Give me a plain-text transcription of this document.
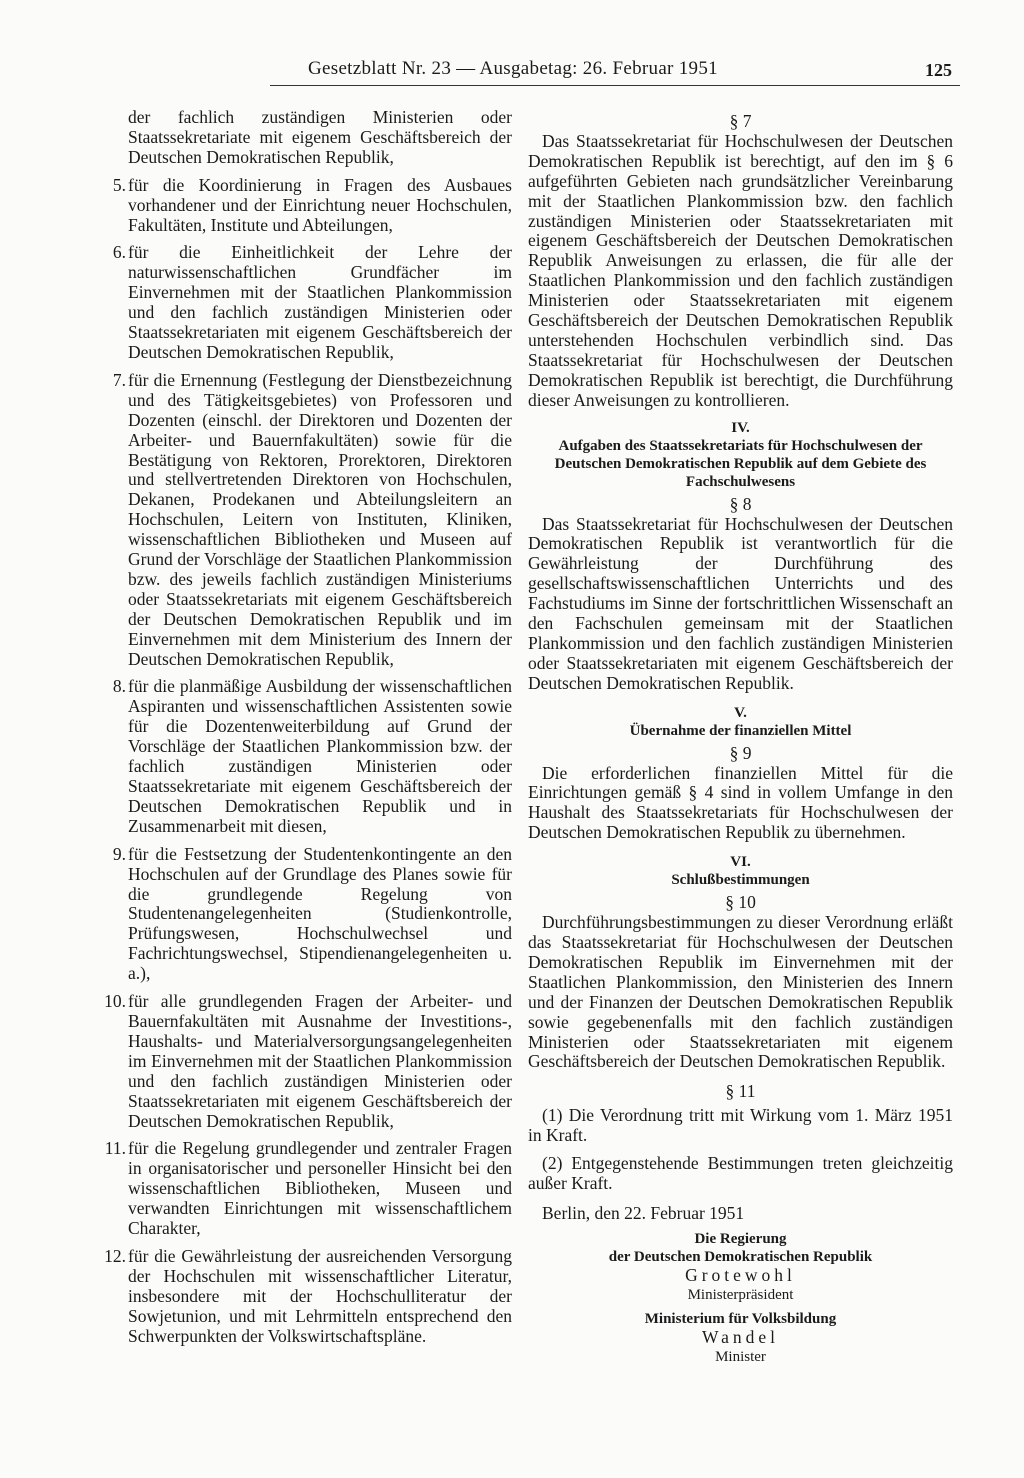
Gesetzblatt Nr. 23 — Ausgabetag: 26. Februar 1951	125
der fachlich zuständigen Ministerien oder Staatssekretariate mit eigenem Geschäftsbereich der Deutschen Demokratischen Republik,
5. für die Koordinierung in Fragen des Ausbaues vorhandener und der Einrichtung neuer Hochschulen, Fakultäten, Institute und Abteilungen,
6. für die Einheitlichkeit der Lehre der naturwissenschaftlichen Grundfächer im Einvernehmen mit der Staatlichen Plankommission und den fachlich zuständigen Ministerien oder Staatssekretariaten mit eigenem Geschäftsbereich der Deutschen Demokratischen Republik,
7. für die Ernennung (Festlegung der Dienstbezeichnung und des Tätigkeitsgebietes) von Professoren und Dozenten (einschl. der Direktoren und Dozenten der Arbeiter- und Bauernfakultäten) sowie für die Bestätigung von Rektoren, Prorektoren, Direktoren und stellvertretenden Direktoren von Hochschulen, Dekanen, Prodekanen und Abteilungsleitern an Hochschulen, Leitern von Instituten, Kliniken, wissenschaftlichen Bibliotheken und Museen auf Grund der Vorschläge der Staatlichen Plankommission bzw. des jeweils fachlich zuständigen Ministeriums oder Staatssekretariats mit eigenem Geschäftsbereich der Deutschen Demokratischen Republik und im Einvernehmen mit dem Ministerium des Innern der Deutschen Demokratischen Republik,
8. für die planmäßige Ausbildung der wissenschaftlichen Aspiranten und wissenschaftlichen Assistenten sowie für die Dozentenweiterbildung auf Grund der Vorschläge der Staatlichen Plankommission bzw. der fachlich zuständigen Ministerien oder Staatssekretariate mit eigenem Geschäftsbereich der Deutschen Demokratischen Republik und in Zusammenarbeit mit diesen,
9. für die Festsetzung der Studentenkontingente an den Hochschulen auf der Grundlage des Planes sowie für die grundlegende Regelung von Studentenangelegenheiten (Studienkontrolle, Prüfungswesen, Hochschulwechsel und Fachrichtungswechsel, Stipendienangelegenheiten u. a.),
10. für alle grundlegenden Fragen der Arbeiter- und Bauernfakultäten mit Ausnahme der Investitions-, Haushalts- und Materialversorgungsangelegenheiten im Einvernehmen mit der Staatlichen Plankommission und den fachlich zuständigen Ministerien oder Staatssekretariaten mit eigenem Geschäftsbereich der Deutschen Demokratischen Republik,
11. für die Regelung grundlegender und zentraler Fragen in organisatorischer und personeller Hinsicht bei den wissenschaftlichen Bibliotheken, Museen und verwandten Einrichtungen mit wissenschaftlichem Charakter,
12. für die Gewährleistung der ausreichenden Versorgung der Hochschulen mit wissenschaftlicher Literatur, insbesondere mit der Hochschulliteratur der Sowjetunion, und mit Lehrmitteln entsprechend den Schwerpunkten der Volkswirtschaftspläne.
§ 7
Das Staatssekretariat für Hochschulwesen der Deutschen Demokratischen Republik ist berechtigt, auf den im § 6 aufgeführten Gebieten nach grundsätzlicher Vereinbarung mit der Staatlichen Plankommission bzw. den fachlich zuständigen Ministerien oder Staatssekretariaten mit eigenem Geschäftsbereich der Deutschen Demokratischen Republik Anweisungen zu erlassen, die für alle der Staatlichen Plankommission und den fachlich zuständigen Ministerien oder Staatssekretariaten mit eigenem Geschäftsbereich der Deutschen Demokratischen Republik unterstehenden Hochschulen verbindlich sind. Das Staatssekretariat für Hochschulwesen der Deutschen Demokratischen Republik ist berechtigt, die Durchführung dieser Anweisungen zu kontrollieren.
IV.
Aufgaben des Staatssekretariats für Hochschulwesen der Deutschen Demokratischen Republik auf dem Gebiete des Fachschulwesens
§ 8
Das Staatssekretariat für Hochschulwesen der Deutschen Demokratischen Republik ist verantwortlich für die Gewährleistung der Durchführung des gesellschaftswissenschaftlichen Unterrichts und des Fachstudiums im Sinne der fortschrittlichen Wissenschaft an den Fachschulen gemeinsam mit der Staatlichen Plankommission und den fachlich zuständigen Ministerien oder Staatssekretariaten mit eigenem Geschäftsbereich der Deutschen Demokratischen Republik.
V.
Übernahme der finanziellen Mittel
§ 9
Die erforderlichen finanziellen Mittel für die Einrichtungen gemäß § 4 sind in vollem Umfange in den Haushalt des Staatssekretariats für Hochschulwesen der Deutschen Demokratischen Republik zu übernehmen.
VI.
Schlußbestimmungen
§ 10
Durchführungsbestimmungen zu dieser Verordnung erläßt das Staatssekretariat für Hochschulwesen der Deutschen Demokratischen Republik im Einvernehmen mit der Staatlichen Plankommission, den Ministerien des Innern und der Finanzen der Deutschen Demokratischen Republik sowie gegebenenfalls mit den fachlich zuständigen Ministerien oder Staatssekretariaten mit eigenem Geschäftsbereich der Deutschen Demokratischen Republik.
§ 11
(1) Die Verordnung tritt mit Wirkung vom 1. März 1951 in Kraft.
(2) Entgegenstehende Bestimmungen treten gleichzeitig außer Kraft.
Berlin, den 22. Februar 1951
Die Regierung
der Deutschen Demokratischen Republik
Grotewohl
Ministerpräsident
Ministerium für Volksbildung
Wandel
Minister
